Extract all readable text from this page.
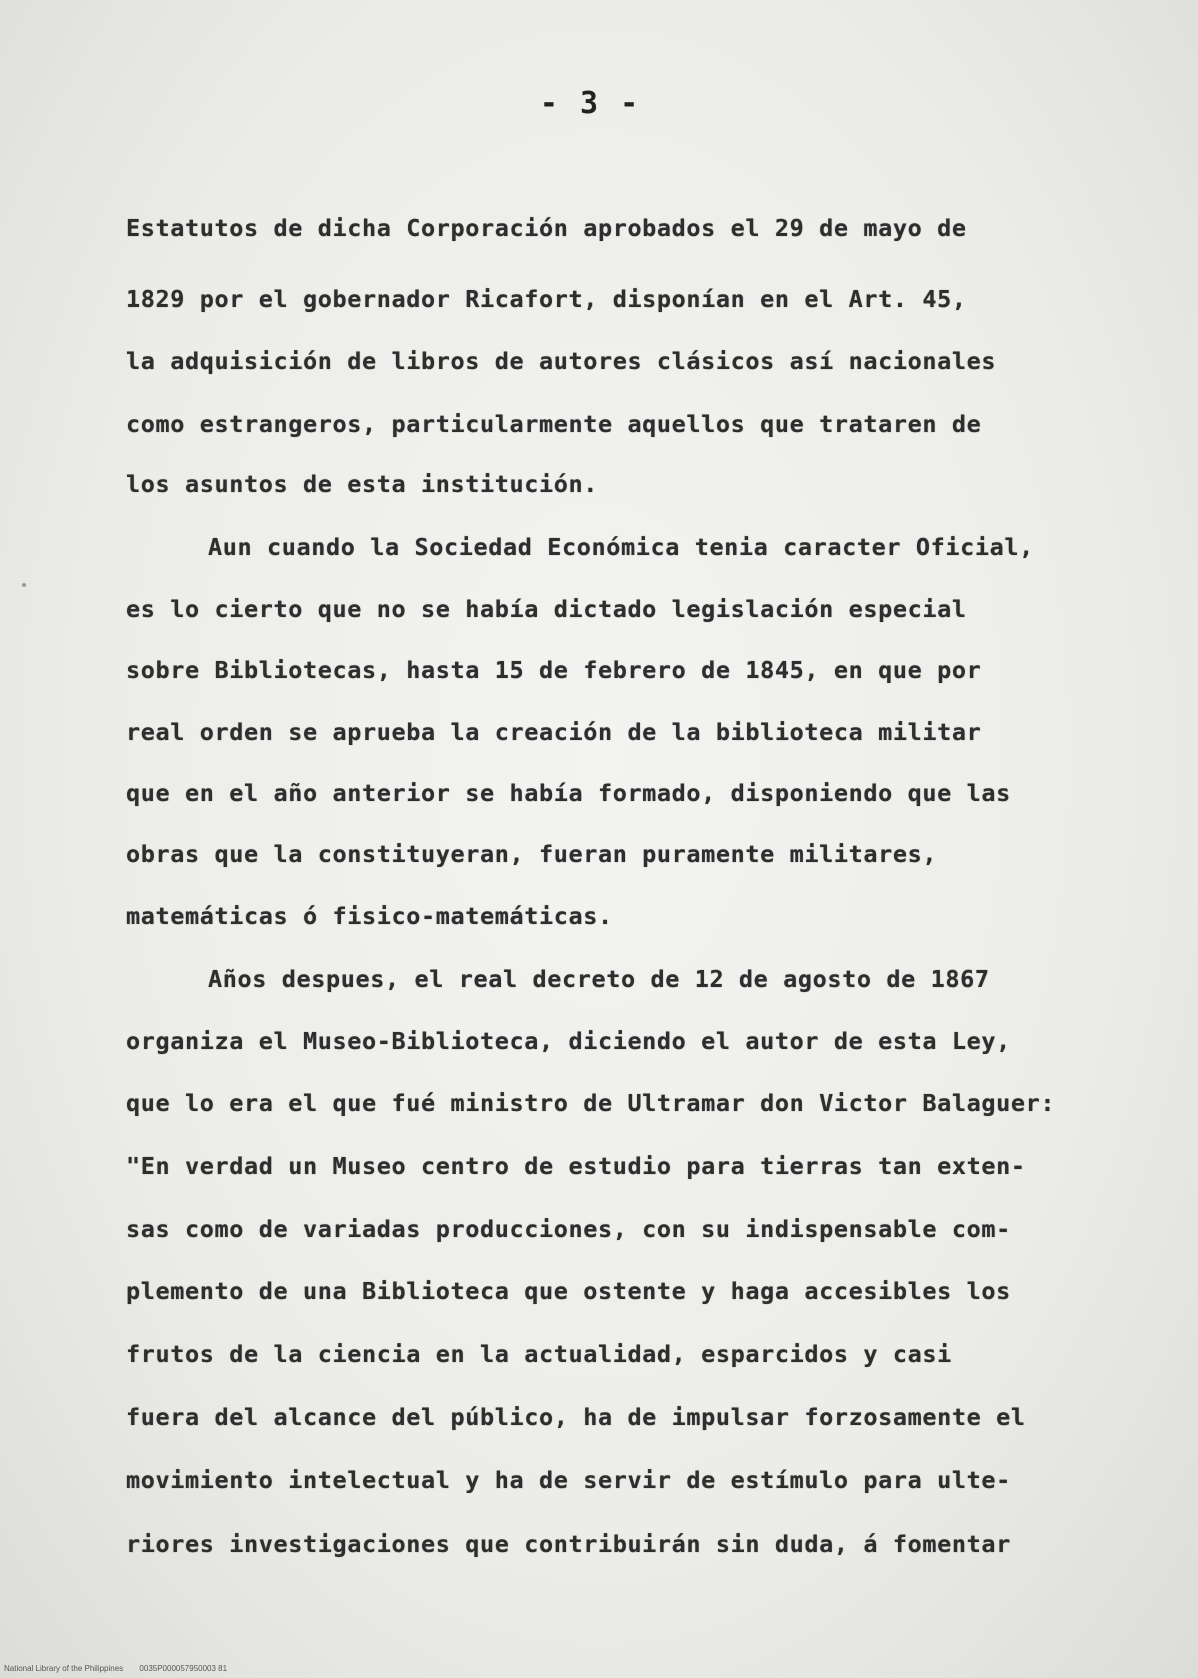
- 3 -
Estatutos de dicha Corporación aprobados el 29 de mayo de
1829 por el gobernador Ricafort, disponían en el Art. 45,
la adquisición de libros de autores clásicos así nacionales
como estrangeros, particularmente aquellos que trataren de
los asuntos de esta institución.
Aun cuando la Sociedad Económica tenia caracter Oficial,
es lo cierto que no se había dictado legislación especial
sobre Bibliotecas, hasta 15 de febrero de 1845, en que por
real orden se aprueba la creación de la biblioteca militar
que en el año anterior se había formado, disponiendo que las
obras que la constituyeran, fueran puramente militares,
matemáticas ó fisico-matemáticas.
Años despues, el real decreto de 12 de agosto de 1867
organiza el Museo-Biblioteca, diciendo el autor de esta Ley,
que lo era el que fué ministro de Ultramar don Victor Balaguer:
"En verdad un Museo centro de estudio para tierras tan exten-
sas como de variadas producciones, con su indispensable com-
plemento de una Biblioteca que ostente y haga accesibles los
frutos de la ciencia en la actualidad, esparcidos y casi
fuera del alcance del público, ha de impulsar forzosamente el
movimiento intelectual y ha de servir de estímulo para ulte-
riores investigaciones que contribuirán sin duda, á fomentar
National Library of the Philippines 0035P000057950003 81
